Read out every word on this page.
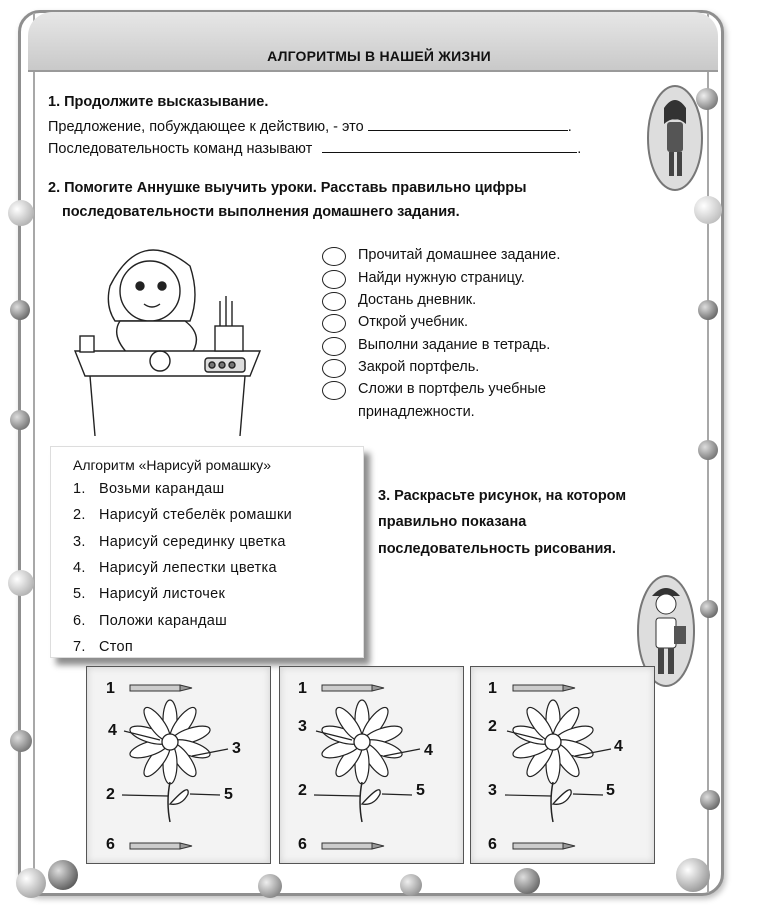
АЛГОРИТМЫ В НАШЕЙ ЖИЗНИ
1. Продолжите высказывание.
Предложение, побуждающее к действию, - это	.
Последовательность команд называют	.
2. Помогите Аннушке выучить уроки. Расставь правильно цифры
последовательности выполнения домашнего задания.
Прочитай домашнее задание.
Найди нужную страницу.
Достань дневник.
Открой учебник.
Выполни задание в тетрадь.
Закрой портфель.
Сложи в портфель учебные
принадлежности.
Алгоритм «Нарисуй ромашку»
1. Возьми карандаш
2. Нарисуй стебелёк ромашки
3. Нарисуй серединку цветка
4. Нарисуй лепестки цветка
5. Нарисуй листочек
6. Положи карандаш
7. Стоп
3. Раскрасьте рисунок, на котором
правильно показана
последовательность рисования.
1
4
3
2	5
6
1
3
4
2	5
6
1
2
4
3	5
6
